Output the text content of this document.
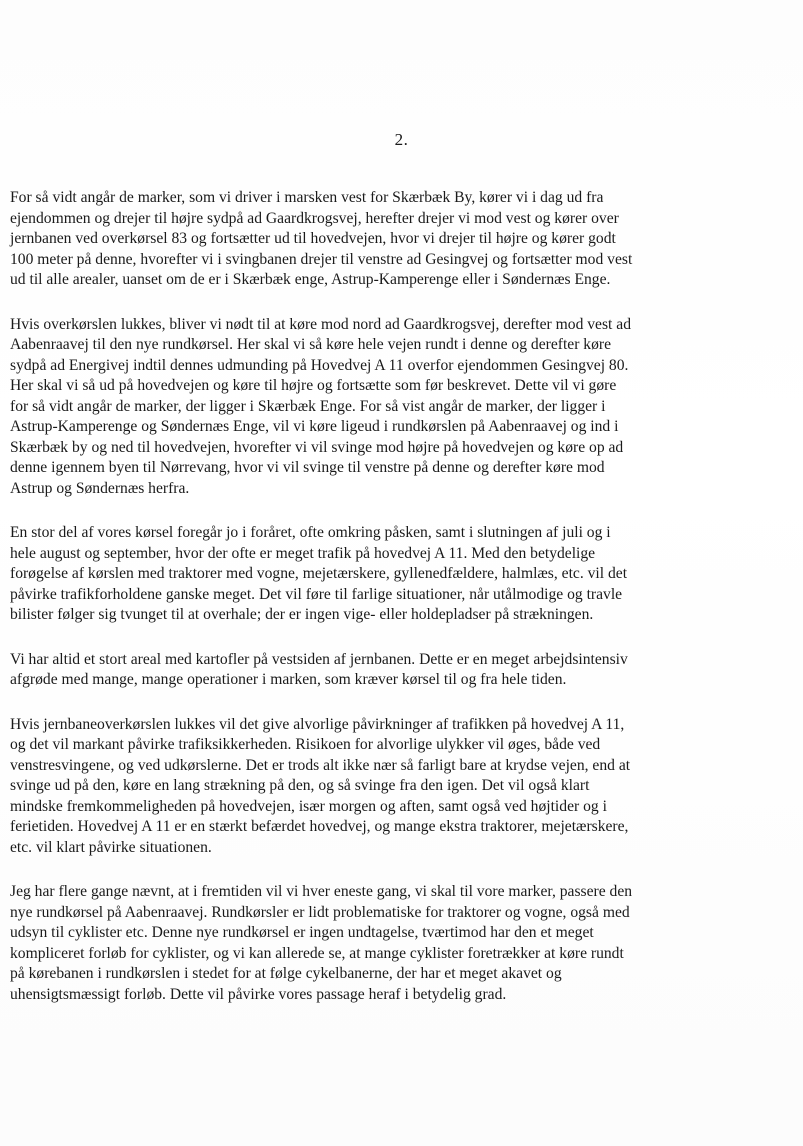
2.

For så vidt angår de marker, som vi driver i marsken vest for Skærbæk By, kører vi i dag ud fra
ejendommen og drejer til højre sydpå ad Gaardkrogsvej, herefter drejer vi mod vest og kører over
jernbanen ved overkørsel 83 og fortsætter ud til hovedvejen, hvor vi drejer til højre og kører godt
100 meter på denne, hvorefter vi i svingbanen drejer til venstre ad Gesingvej og fortsætter mod vest
ud til alle arealer, uanset om de er i Skærbæk enge, Astrup-Kamperenge eller i Søndernæs Enge.

Hvis overkørslen lukkes, bliver vi nødt til at køre mod nord ad Gaardkrogsvej, derefter mod vest ad
Aabenraavej til den nye rundkørsel. Her skal vi så køre hele vejen rundt i denne og derefter køre
sydpå ad Energivej indtil dennes udmunding på Hovedvej A 11 overfor ejendommen Gesingvej 80.
Her skal vi så ud på hovedvejen og køre til højre og fortsætte som før beskrevet. Dette vil vi gøre
for så vidt angår de marker, der ligger i Skærbæk Enge. For så vist angår de marker, der ligger i
Astrup-Kamperenge og Søndernæs Enge, vil vi køre ligeud i rundkørslen på Aabenraavej og ind i
Skærbæk by og ned til hovedvejen, hvorefter vi vil svinge mod højre på hovedvejen og køre op ad
denne igennem byen til Nørrevang, hvor vi vil svinge til venstre på denne og derefter køre mod
Astrup og Søndernæs herfra.

En stor del af vores kørsel foregår jo i foråret, ofte omkring påsken, samt i slutningen af juli og i
hele august og september, hvor der ofte er meget trafik på hovedvej A 11. Med den betydelige
forøgelse af kørslen med traktorer med vogne, mejetærskere, gyllenedfældere, halmlæs, etc. vil det
påvirke trafikforholdene ganske meget. Det vil føre til farlige situationer, når utålmodige og travle
bilister følger sig tvunget til at overhale; der er ingen vige- eller holdepladser på strækningen.

Vi har altid et stort areal med kartofler på vestsiden af jernbanen. Dette er en meget arbejdsintensiv
afgrøde med mange, mange operationer i marken, som kræver kørsel til og fra hele tiden.

Hvis jernbaneoverkørslen lukkes vil det give alvorlige påvirkninger af trafikken på hovedvej A 11,
og det vil markant påvirke trafiksikkerheden. Risikoen for alvorlige ulykker vil øges, både ved
venstresvingene, og ved udkørslerne. Det er trods alt ikke nær så farligt bare at krydse vejen, end at
svinge ud på den, køre en lang strækning på den, og så svinge fra den igen. Det vil også klart
mindske fremkommeligheden på hovedvejen, især morgen og aften, samt også ved højtider og i
ferietiden. Hovedvej A 11 er en stærkt befærdet hovedvej, og mange ekstra traktorer, mejetærskere,
etc. vil klart påvirke situationen.

Jeg har flere gange nævnt, at i fremtiden vil vi hver eneste gang, vi skal til vore marker, passere den
nye rundkørsel på Aabenraavej. Rundkørsler er lidt problematiske for traktorer og vogne, også med
udsyn til cyklister etc. Denne nye rundkørsel er ingen undtagelse, tværtimod har den et meget
kompliceret forløb for cyklister, og vi kan allerede se, at mange cyklister foretrækker at køre rundt
på kørebanen i rundkørslen i stedet for at følge cykelbanerne, der har et meget akavet og
uhensigtsmæssigt forløb. Dette vil påvirke vores passage heraf i betydelig grad.
